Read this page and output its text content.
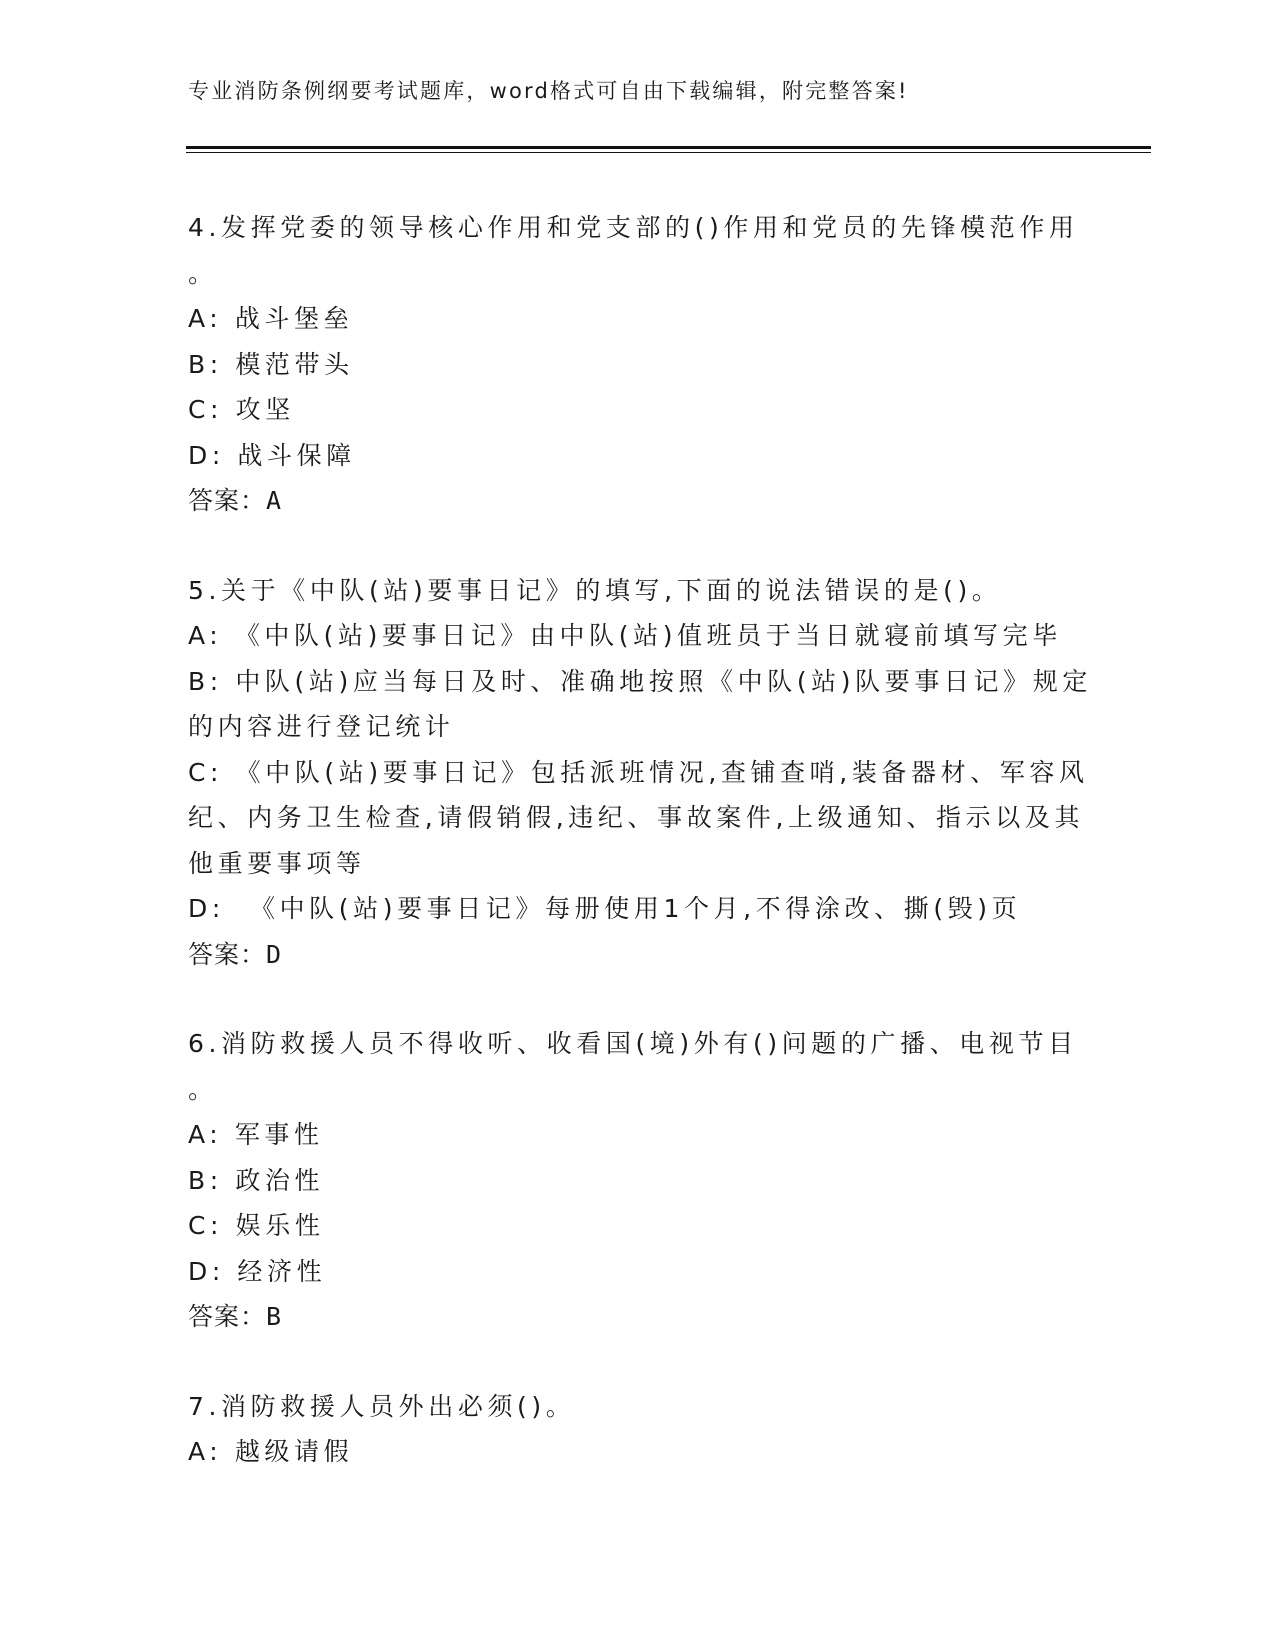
专业消防条例纲要考试题库，word格式可自由下载编辑，附完整答案!
4.发挥党委的领导核心作用和党支部的()作用和党员的先锋模范作用
。
A: 战斗堡垒
B: 模范带头
C: 攻坚
D: 战斗保障
答案：A
5.关于《中队(站)要事日记》的填写,下面的说法错误的是()。
A: 《中队(站)要事日记》由中队(站)值班员于当日就寝前填写完毕
B: 中队(站)应当每日及时、准确地按照《中队(站)队要事日记》规定
的内容进行登记统计
C: 《中队(站)要事日记》包括派班情况,查铺查哨,装备器材、军容风
纪、内务卫生检查,请假销假,违纪、事故案件,上级通知、指示以及其
他重要事项等
D:  《中队(站)要事日记》每册使用1个月,不得涂改、撕(毁)页
答案：D
6.消防救援人员不得收听、收看国(境)外有()问题的广播、电视节目
。
A: 军事性
B: 政治性
C: 娱乐性
D: 经济性
答案：B
7.消防救援人员外出必须()。
A: 越级请假
